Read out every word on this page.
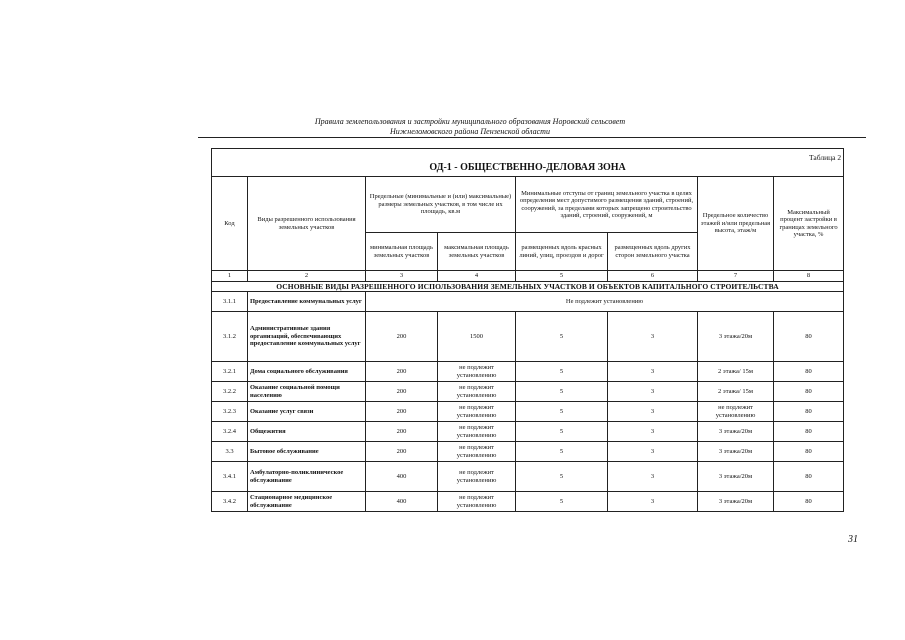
Правила землепользования и застройки муниципального образования Норовский сельсовет
Нижнеломовского района Пензенской области
Таблица 2
ОД-1 - ОБЩЕСТВЕННО-ДЕЛОВАЯ ЗОНА							

Код	Виды разрешенного использования земельных участков	Предельные (минимальные и (или) максимальные) размеры земельных участков, в том числе их площадь, кв.м		Минимальные отступы от границ земельного участка в целях определения мест допустимого размещения зданий, строений, сооружений, за пределами которых запрещено строительство зданий, строений, сооружений, м		Предельное количество этажей и/или предельная высота, этаж/м	Максимальный процент застройки в границах земельного участка, %
		минимальная площадь земельных участков	максимальная площадь земельных участков	размещенных вдоль красных линий, улиц, проездов и дорог	размещенных вдоль других сторон земельного участка		
1	2	3	4	5	6	7	8
ОСНОВНЫЕ ВИДЫ РАЗРЕШЕННОГО ИСПОЛЬЗОВАНИЯ ЗЕМЕЛЬНЫХ УЧАСТКОВ И ОБЪЕКТОВ КАПИТАЛЬНОГО СТРОИТЕЛЬСТВА							
3.1.1	Предоставление коммунальных услуг	Не подлежит установлению					
3.1.2	Административные здания организаций, обеспечивающих предоставление коммунальных услуг	200	1500	5	3	3 этажа/20м	80
3.2.1	Дома социального обслуживания	200	не подлежит установлению	5	3	2 этажа/ 15м	80
3.2.2	Оказание социальной помощи населению	200	не подлежит установлению	5	3	2 этажа/ 15м	80
3.2.3	Оказание услуг связи	200	не подлежит установлению	5	3	не подлежит установлению	80
3.2.4	Общежития	200	не подлежит установлению	5	3	3 этажа/20м	80
3.3	Бытовое обслуживание	200	не подлежит установлению	5	3	3 этажа/20м	80
3.4.1	Амбулаторно-поликлиническое обслуживание	400	не подлежит установлению	5	3	3 этажа/20м	80
3.4.2	Стационарное медицинское обслуживание	400	не подлежит установлению	5	3	3 этажа/20м	80
31
